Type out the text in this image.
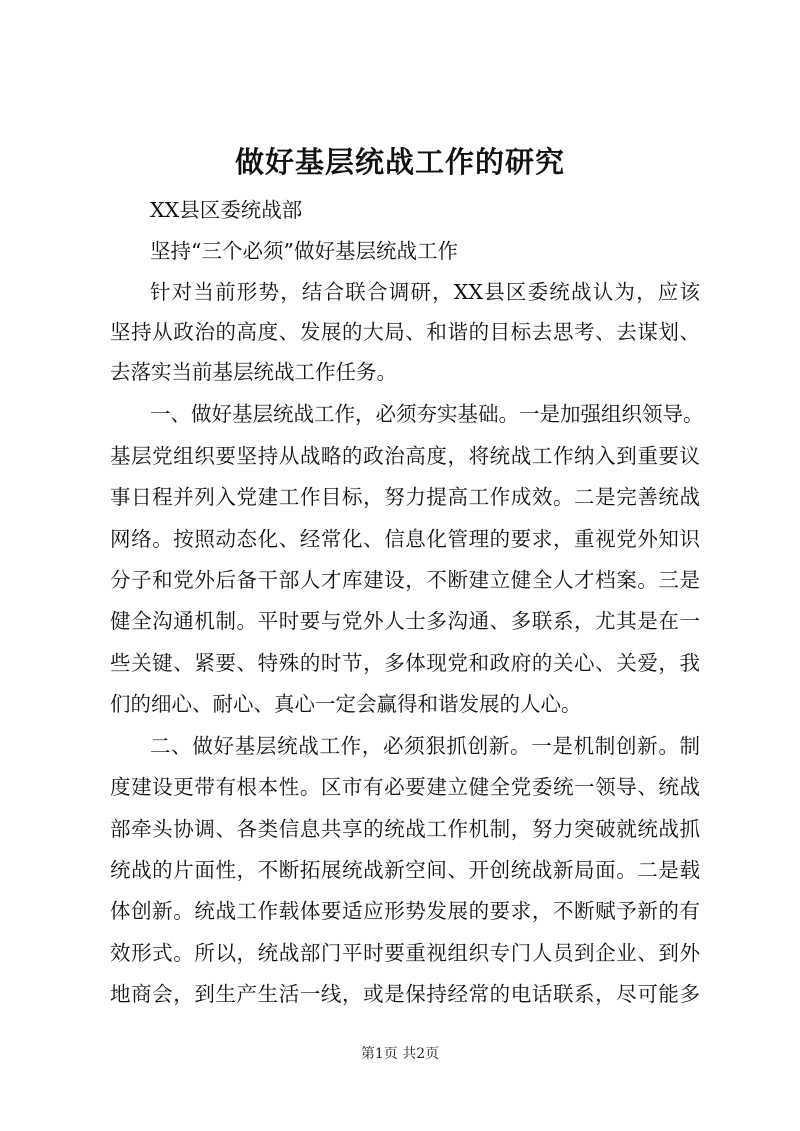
做好基层统战工作的研究
XX县区委统战部
坚持“三个必须”做好基层统战工作
针对当前形势，结合联合调研，XX县区委统战认为，应该
坚持从政治的高度、发展的大局、和谐的目标去思考、去谋划、
去落实当前基层统战工作任务。
一、做好基层统战工作，必须夯实基础。一是加强组织领导。
基层党组织要坚持从战略的政治高度，将统战工作纳入到重要议
事日程并列入党建工作目标，努力提高工作成效。二是完善统战
网络。按照动态化、经常化、信息化管理的要求，重视党外知识
分子和党外后备干部人才库建设，不断建立健全人才档案。三是
健全沟通机制。平时要与党外人士多沟通、多联系，尤其是在一
些关键、紧要、特殊的时节，多体现党和政府的关心、关爱，我
们的细心、耐心、真心一定会赢得和谐发展的人心。
二、做好基层统战工作，必须狠抓创新。一是机制创新。制
度建设更带有根本性。区市有必要建立健全党委统一领导、统战
部牵头协调、各类信息共享的统战工作机制，努力突破就统战抓
统战的片面性，不断拓展统战新空间、开创统战新局面。二是载
体创新。统战工作载体要适应形势发展的要求，不断赋予新的有
效形式。所以，统战部门平时要重视组织专门人员到企业、到外
地商会，到生产生活一线，或是保持经常的电话联系，尽可能多
第1页 共2页
